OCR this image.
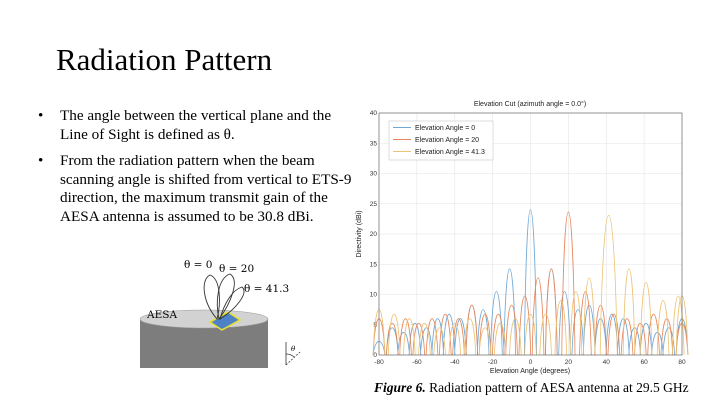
Radiation Pattern
• The angle between the vertical plane and the Line of Sight is defined as θ.
• From the radiation pattern when the beam scanning angle is shifted from vertical to ETS-9 direction, the maximum transmit gain of the AESA antenna is assumed to be 30.8 dBi.
θ = 0 θ = 20
θ = 41.3
AESA
θ
Elevation Cut (azimuth angle = 0.0°)
-80	-60	-40	-20	0	20	40	60	80
0
5
10
15
20
25
30
35
40
Elevation Angle = 0
Elevation Angle = 20
Elevation Angle = 41.3
Elevation Angle (degrees)
Directivity (dBi)
Figure 6. Radiation pattern of AESA antenna at 29.5 GHz
